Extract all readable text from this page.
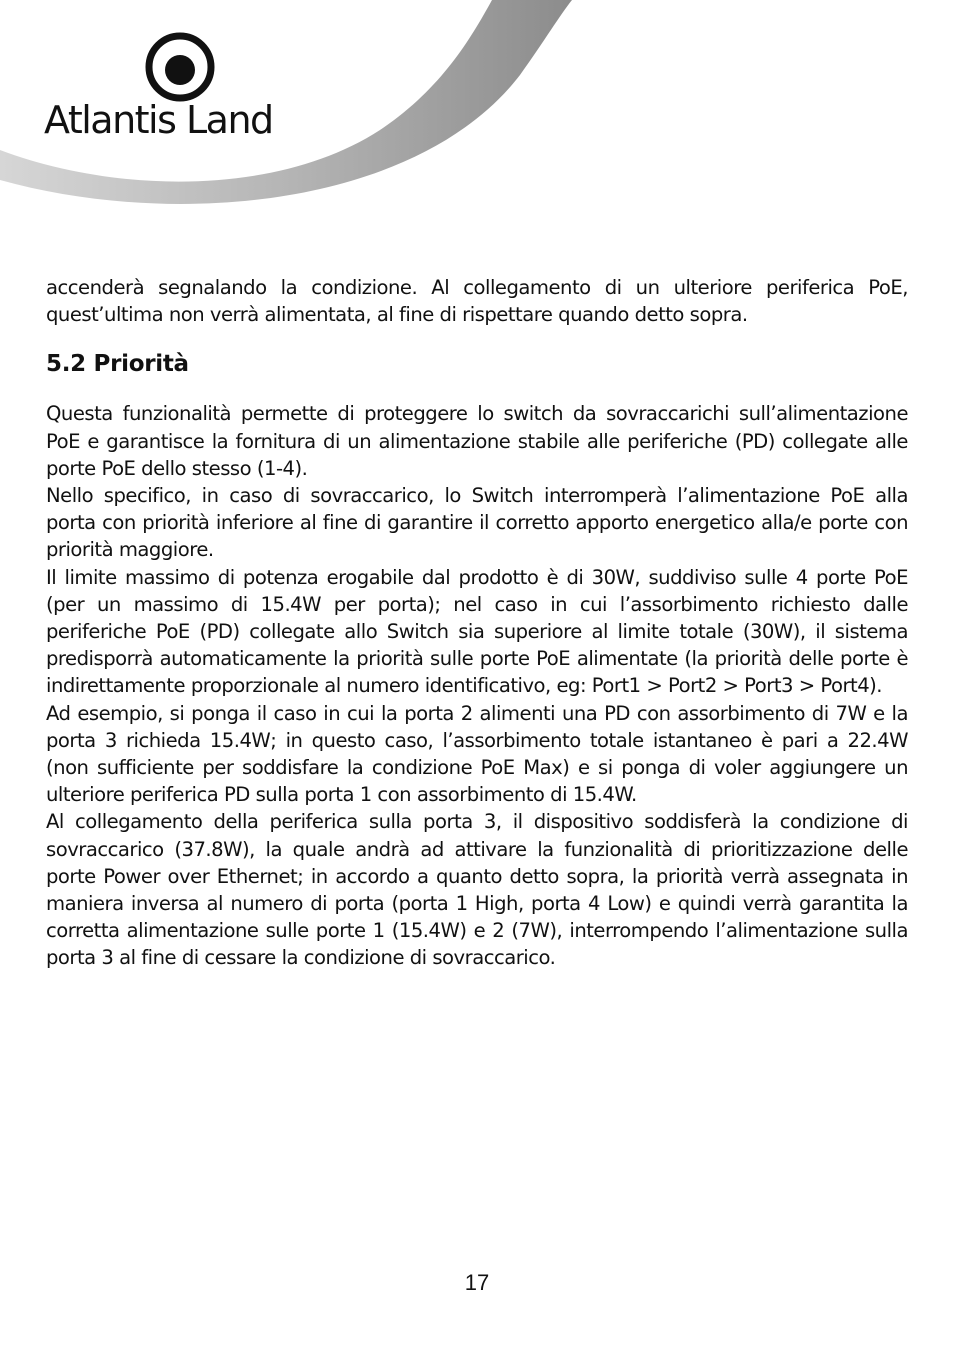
Atlantis Land

accenderà segnalando la condizione. Al collegamento di un ulteriore periferica PoE, quest’ultima non verrà alimentata, al fine di rispettare quando detto sopra.

5.2 Priorità

Questa funzionalità permette di proteggere lo switch da sovraccarichi sull’alimentazione PoE e garantisce la fornitura di un alimentazione stabile alle periferiche (PD) collegate alle porte PoE dello stesso (1-4).

Nello specifico, in caso di sovraccarico, lo Switch interromperà l’alimentazione PoE alla porta con priorità inferiore al fine di garantire il corretto apporto energetico alla/e porte con priorità maggiore.

Il limite massimo di potenza erogabile dal prodotto è di 30W, suddiviso sulle 4 porte PoE (per un massimo di 15.4W per porta); nel caso in cui l’assorbimento richiesto dalle periferiche PoE (PD) collegate allo Switch sia superiore al limite totale (30W), il sistema predisporrà automaticamente la priorità sulle porte PoE alimentate (la priorità delle porte è indirettamente proporzionale al numero identificativo, eg: Port1 > Port2 > Port3 > Port4).

Ad esempio, si ponga il caso in cui la porta 2 alimenti una PD con assorbimento di 7W e la porta 3 richieda 15.4W; in questo caso, l’assorbimento totale istantaneo è pari a 22.4W (non sufficiente per soddisfare la condizione PoE Max) e si ponga di voler aggiungere un ulteriore periferica PD sulla porta 1 con assorbimento di 15.4W.

Al collegamento della periferica sulla porta 3, il dispositivo soddisferà la condizione di sovraccarico (37.8W), la quale andrà ad attivare la funzionalità di prioritizzazione delle porte Power over Ethernet; in accordo a quanto detto sopra, la priorità verrà assegnata in maniera inversa al numero di porta (porta 1 High, porta 4 Low) e quindi verrà garantita la corretta alimentazione sulle porte 1 (15.4W) e 2 (7W), interrompendo l’alimentazione sulla porta 3 al fine di cessare la condizione di sovraccarico.

17
